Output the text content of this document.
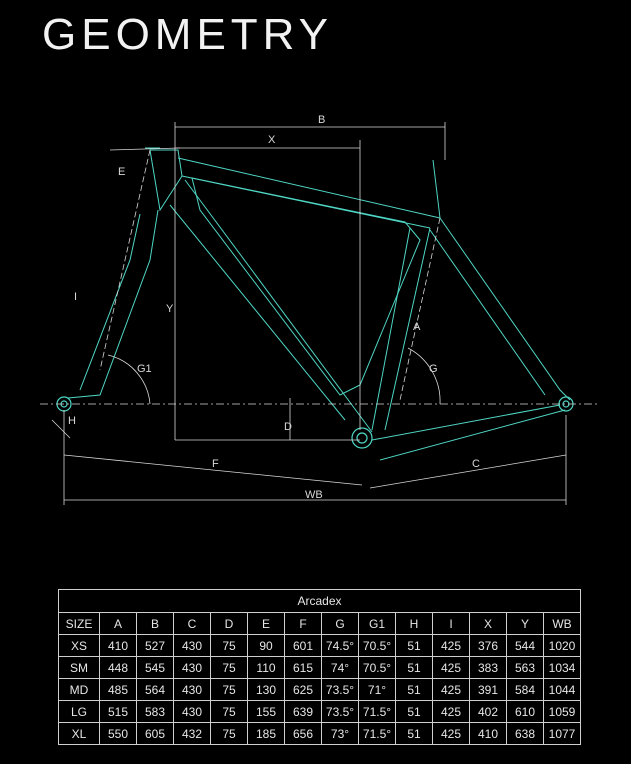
GEOMETRY
B
X
Y
E
I
G1	G
A
D
H
F	C
WB
Arcadex													
SIZE	A	B	C	D	E	F	G	G1	H	I	X	Y	WB
XS	410	527	430	75	90	601	74.5°	70.5°	51	425	376	544	1020
SM	448	545	430	75	110	615	74°	70.5°	51	425	383	563	1034
MD	485	564	430	75	130	625	73.5°	71°	51	425	391	584	1044
LG	515	583	430	75	155	639	73.5°	71.5°	51	425	402	610	1059
XL	550	605	432	75	185	656	73°	71.5°	51	425	410	638	1077
